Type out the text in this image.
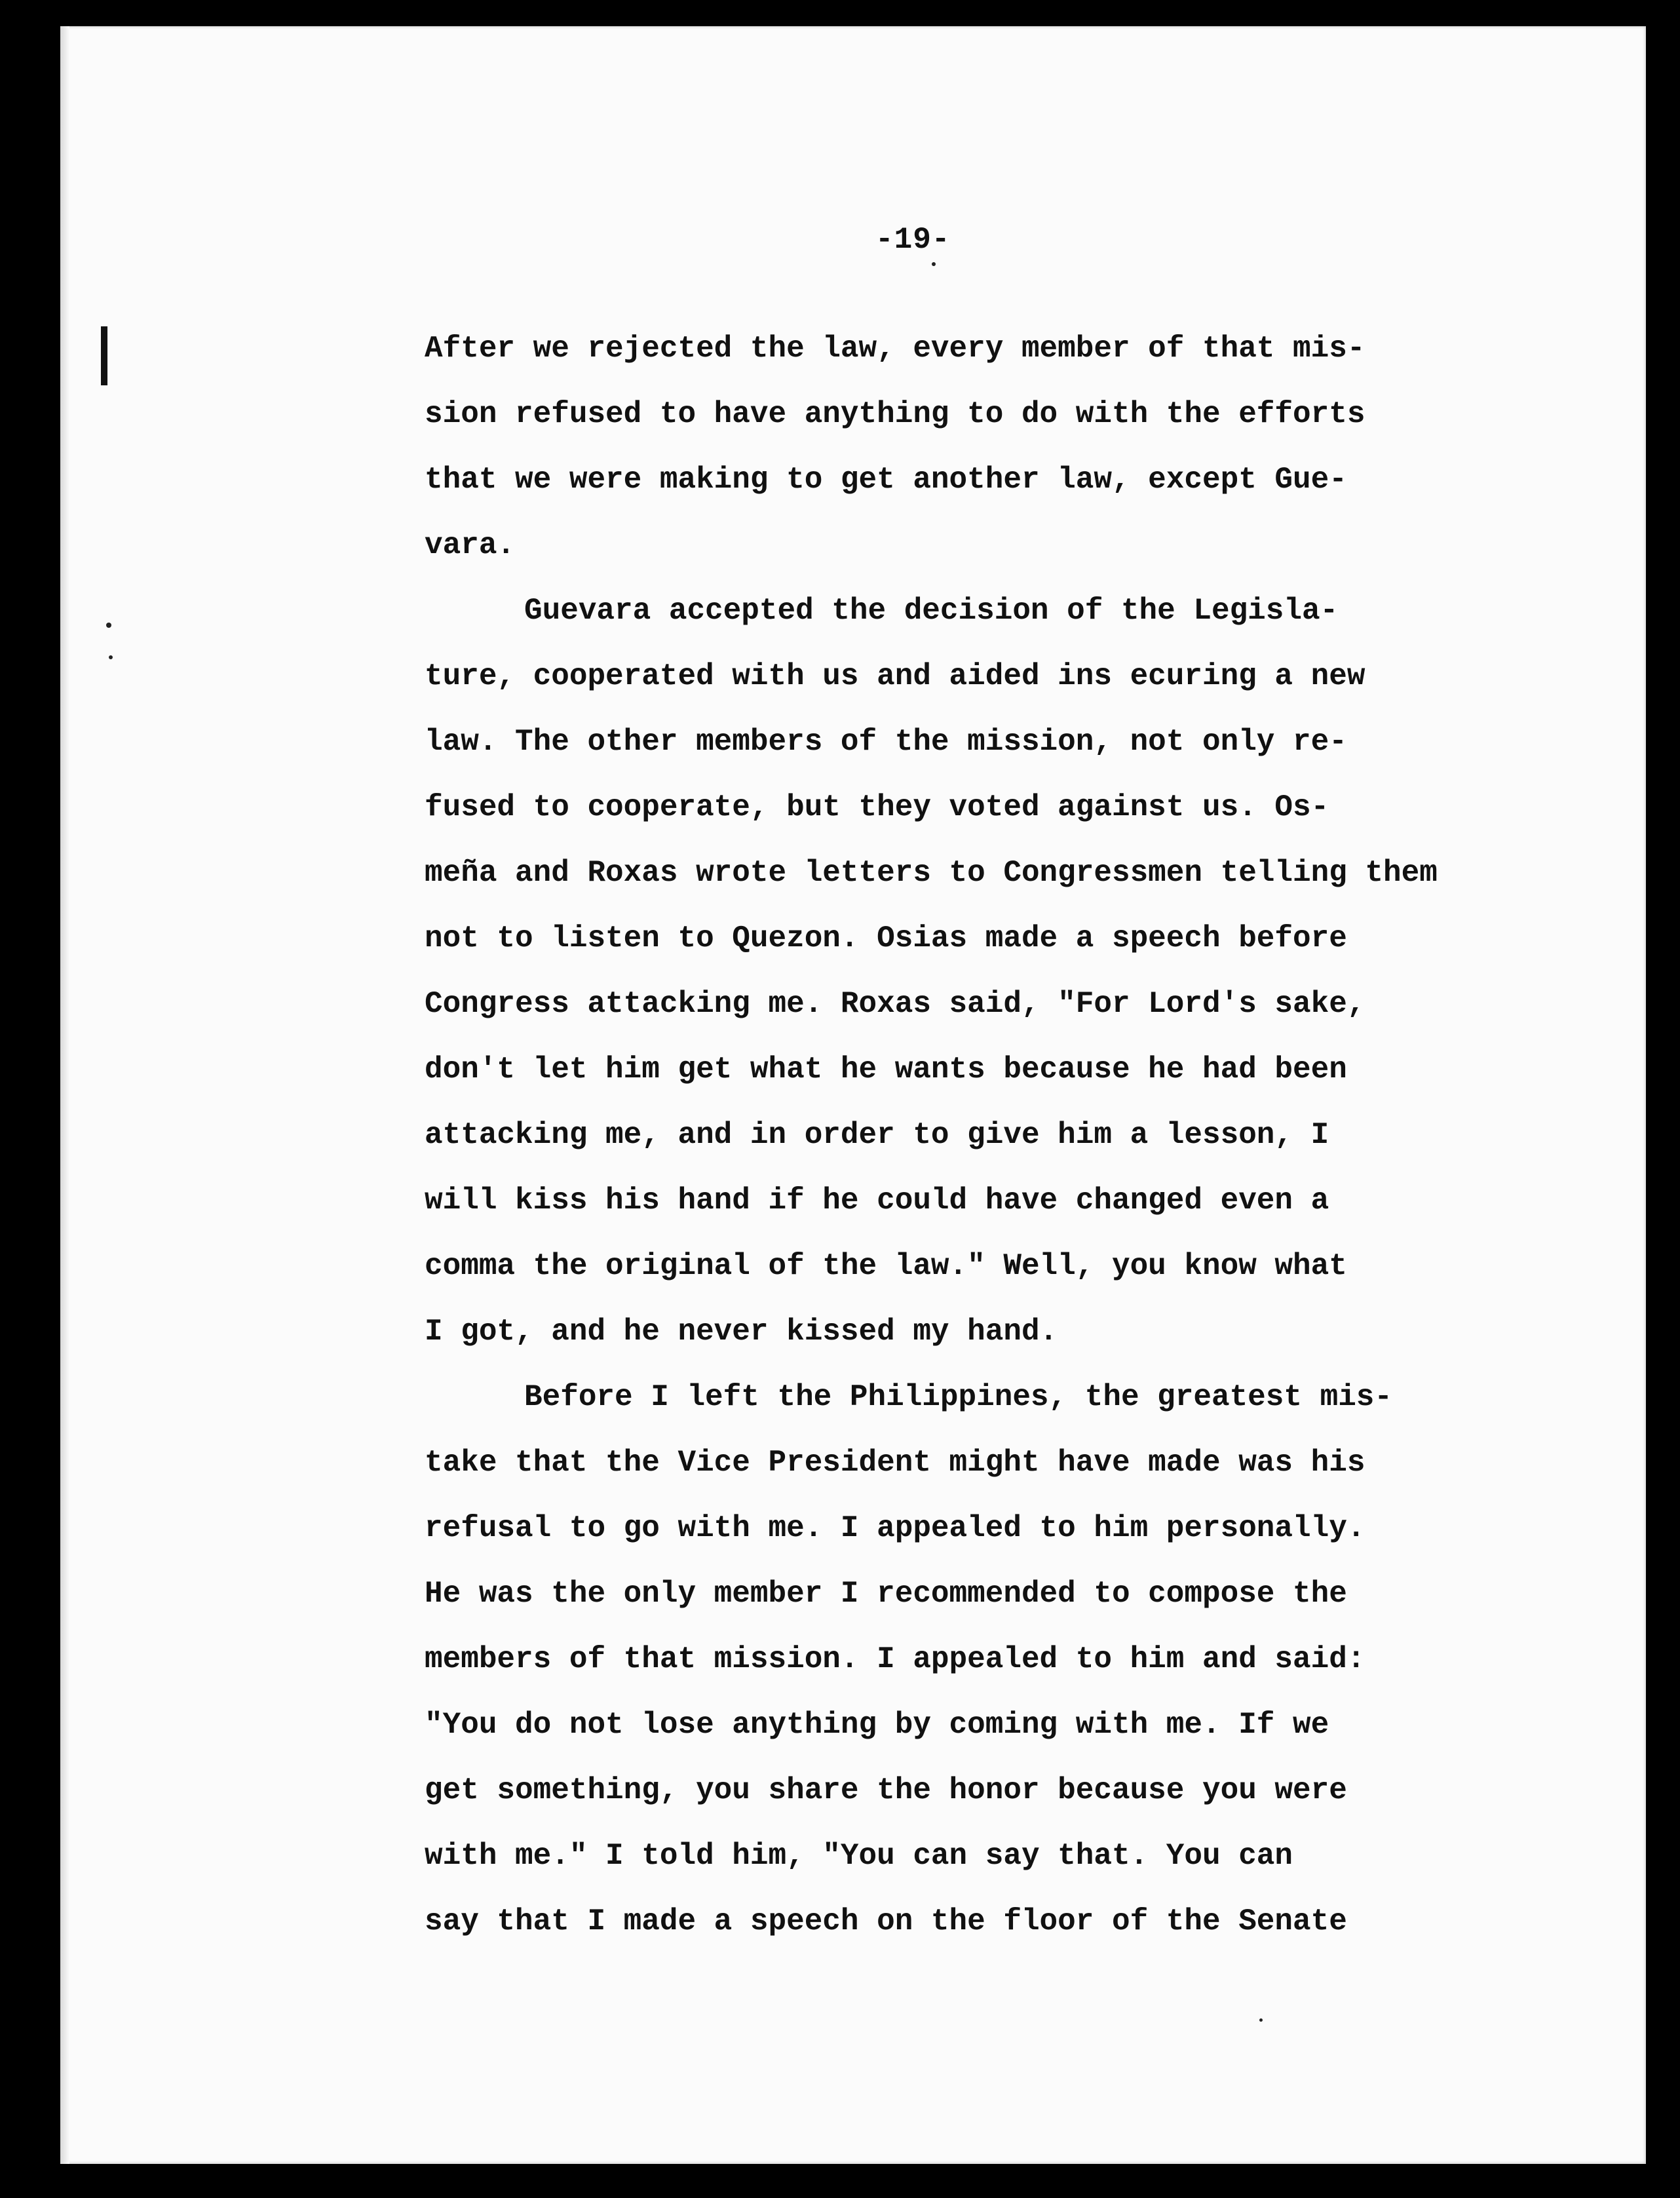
-19-
After we rejected the law, every member of that mis-
sion refused to have anything to do with the efforts
that we were making to get another law, except Gue-
vara.
Guevara accepted the decision of the Legisla-
ture, cooperated with us and aided ins ecuring a new
law. The other members of the mission, not only re-
fused to cooperate, but they voted against us. Os-
meña and Roxas wrote letters to Congressmen telling them
not to listen to Quezon. Osias made a speech before
Congress attacking me. Roxas said, "For Lord's sake,
don't let him get what he wants because he had been
attacking me, and in order to give him a lesson, I
will kiss his hand if he could have changed even a
comma the original of the law." Well, you know what
I got, and he never kissed my hand.
Before I left the Philippines, the greatest mis-
take that the Vice President might have made was his
refusal to go with me. I appealed to him personally.
He was the only member I recommended to compose the
members of that mission. I appealed to him and said:
"You do not lose anything by coming with me. If we
get something, you share the honor because you were
with me." I told him, "You can say that. You can
say that I made a speech on the floor of the Senate
